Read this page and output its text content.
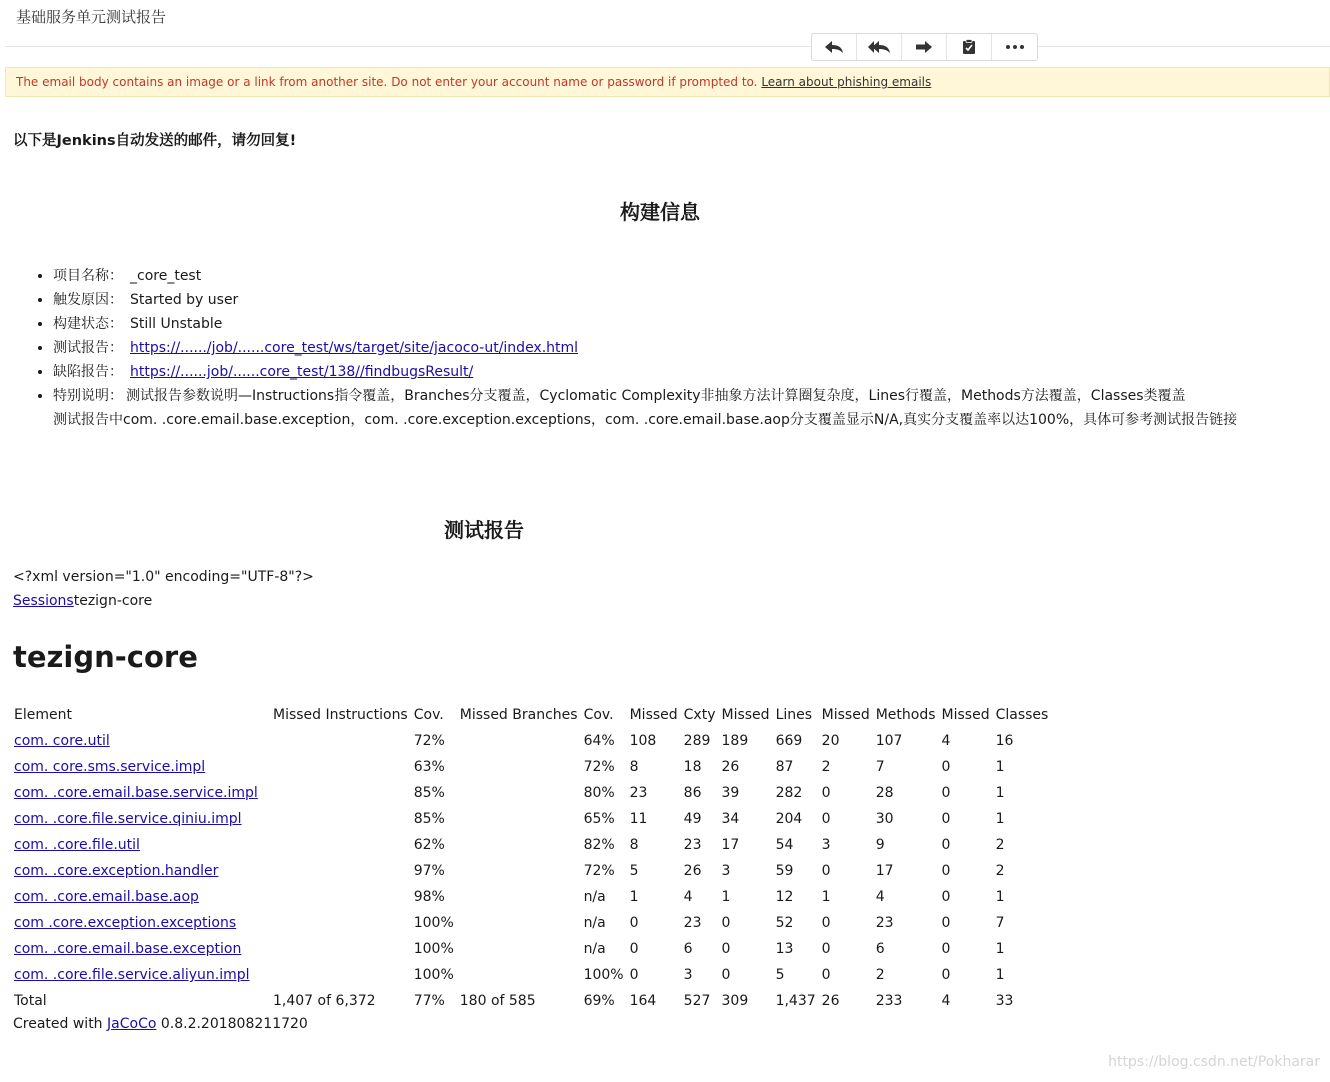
基础服务单元测试报告
The email body contains an image or a link from another site. Do not enter your account name or password if prompted to. Learn about phishing emails
以下是Jenkins自动发送的邮件，请勿回复!
构建信息
• 项目名称： _core_test
• 触发原因： Started by user
• 构建状态： Still Unstable
• 测试报告： https://....../job/......core_test/ws/target/site/jacoco-ut/index.html
• 缺陷报告： https://......job/......core_test/138//findbugsResult/
• 特别说明： 测试报告参数说明—Instructions指令覆盖，Branches分支覆盖，Cyclomatic Complexity非抽象方法计算圈复杂度，Lines行覆盖，Methods方法覆盖，Classes类覆盖
测试报告中com. .core.email.base.exception，com. .core.exception.exceptions，com. .core.email.base.aop分支覆盖显示N/A,真实分支覆盖率以达100%，具体可参考测试报告链接
测试报告
<?xml version="1.0" encoding="UTF-8"?>
Sessionstezign-core
tezign-core
Element	Missed Instructions	Cov.	Missed Branches	Cov.	Missed	Cxty	Missed	Lines	Missed	Methods	Missed	Classes
com. core.util		72%		64%	108	289	189	669	20	107	4	16
com. core.sms.service.impl		63%		72%	8	18	26	87	2	7	0	1
com. .core.email.base.service.impl		85%		80%	23	86	39	282	0	28	0	1
com. .core.file.service.qiniu.impl		85%		65%	11	49	34	204	0	30	0	1
com. .core.file.util		62%		82%	8	23	17	54	3	9	0	2
com. .core.exception.handler		97%		72%	5	26	3	59	0	17	0	2
com. .core.email.base.aop		98%		n/a	1	4	1	12	1	4	0	1
com .core.exception.exceptions		100%		n/a	0	23	0	52	0	23	0	7
com. .core.email.base.exception		100%		n/a	0	6	0	13	0	6	0	1
com. .core.file.service.aliyun.impl		100%		100%	0	3	0	5	0	2	0	1
Total	1,407 of 6,372	77%	180 of 585	69%	164	527	309	1,437	26	233	4	33
Created with JaCoCo 0.8.2.201808211720
https://blog.csdn.net/Pokharar
